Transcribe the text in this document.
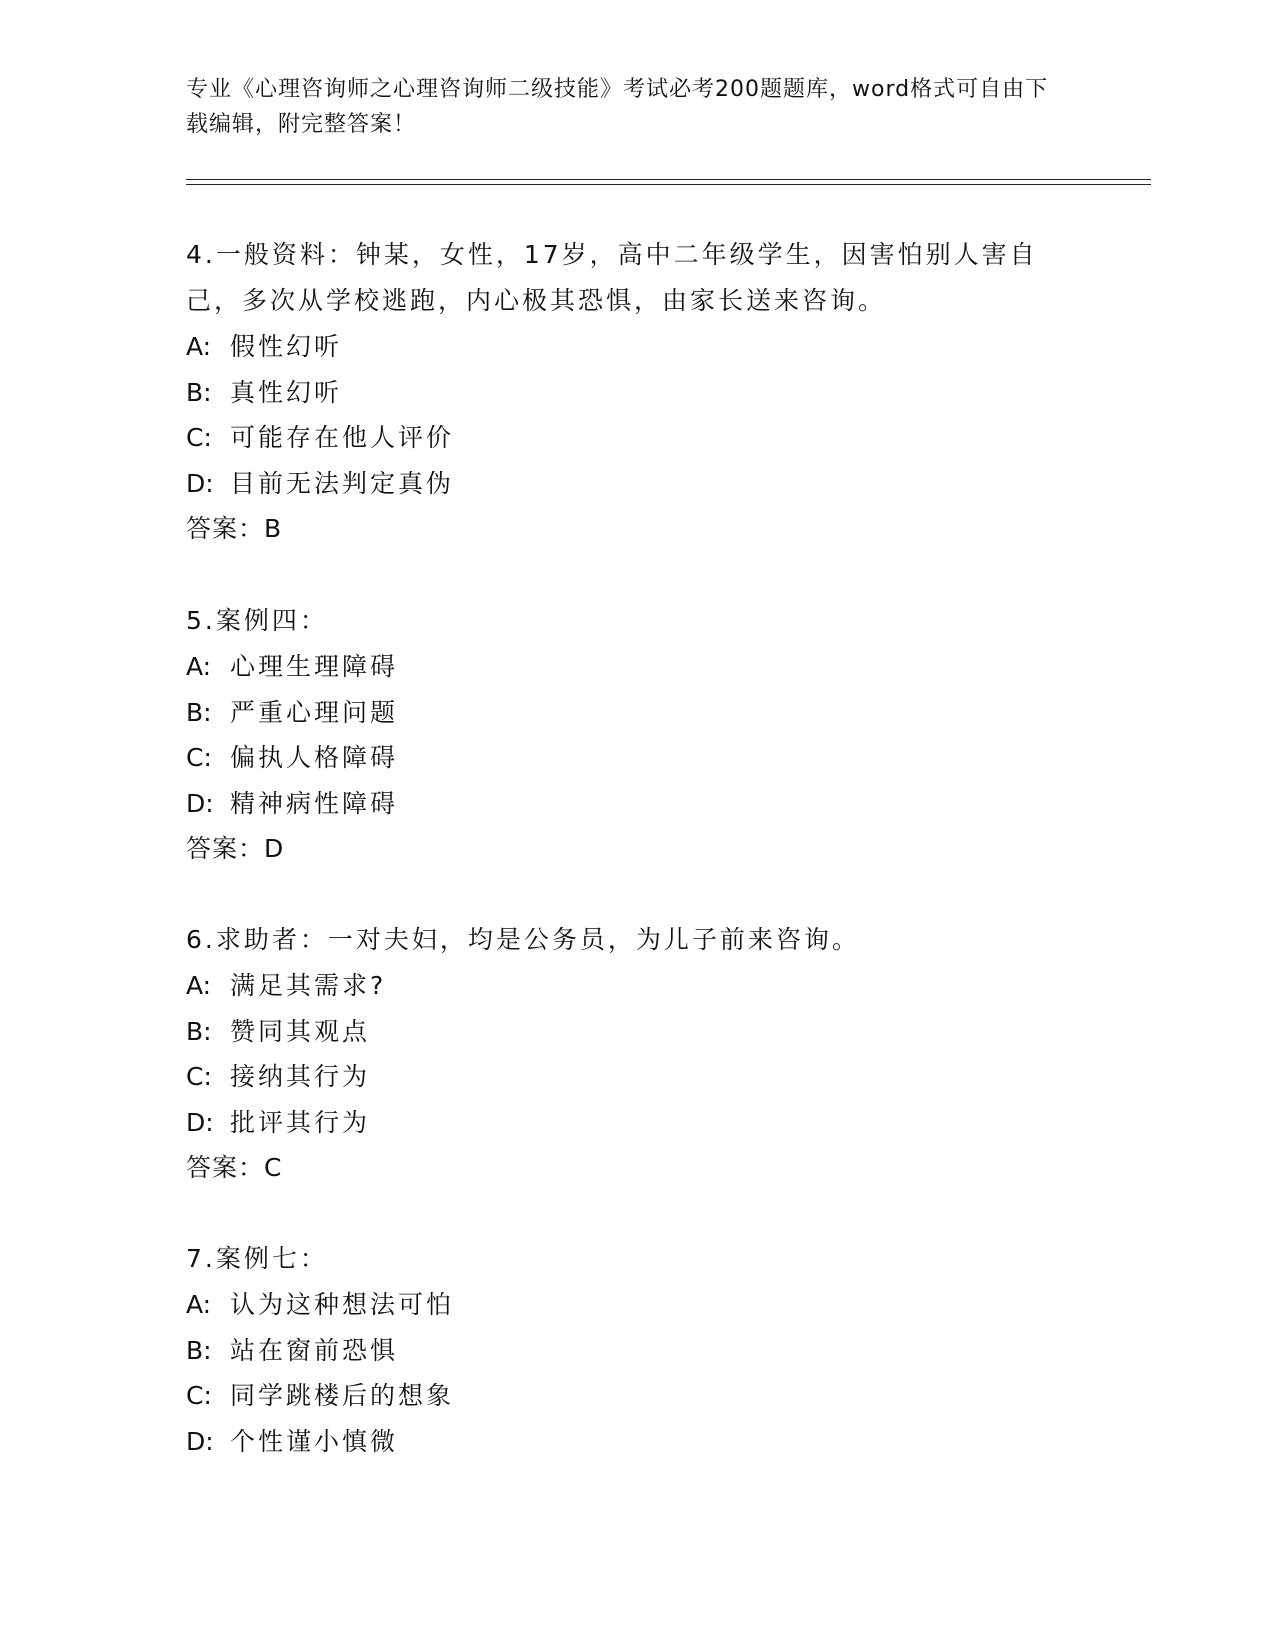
专业《心理咨询师之心理咨询师二级技能》考试必考200题题库，word格式可自由下载编辑，附完整答案！

4.一般资料：钟某，女性，17岁，高中二年级学生，因害怕别人害自己，多次从学校逃跑，内心极其恐惧，由家长送来咨询。

A: 假性幻听

B: 真性幻听

C: 可能存在他人评价

D: 目前无法判定真伪

答案：B

5.案例四：

A: 心理生理障碍

B: 严重心理问题

C: 偏执人格障碍

D: 精神病性障碍

答案：D

6.求助者：一对夫妇，均是公务员，为儿子前来咨询。

A: 满足其需求?

B: 赞同其观点

C: 接纳其行为

D: 批评其行为

答案：C

7.案例七：

A: 认为这种想法可怕

B: 站在窗前恐惧

C: 同学跳楼后的想象

D: 个性谨小慎微
